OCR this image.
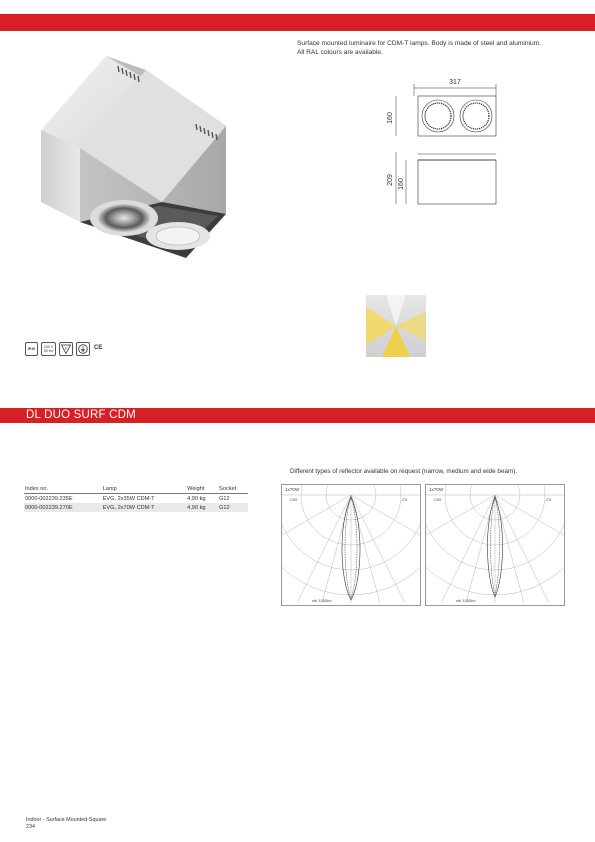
Surface mounted luminaire for CDM-T lamps. Body is made of steel and aluminium. All RAL colours are available.
317
160
209 160
IP20
230 V 50 Hz	F	CE
DL DUO SURF CDM
Index no.	Lamp	Weight	Socket
0000-002239.235E	EVG, 2x35W CDM-T	4,90 kg	G12
0000-002239.270E	EVG, 2x70W CDM-T	4,90 kg	G12
Different types of reflector available on request (narrow, medium and wide beam).
1x70W
C90	C0
cd/ 1000lm
1x70W
C90	C0
cd/ 1000lm
Indoor - Surface Mounted-Square
234
